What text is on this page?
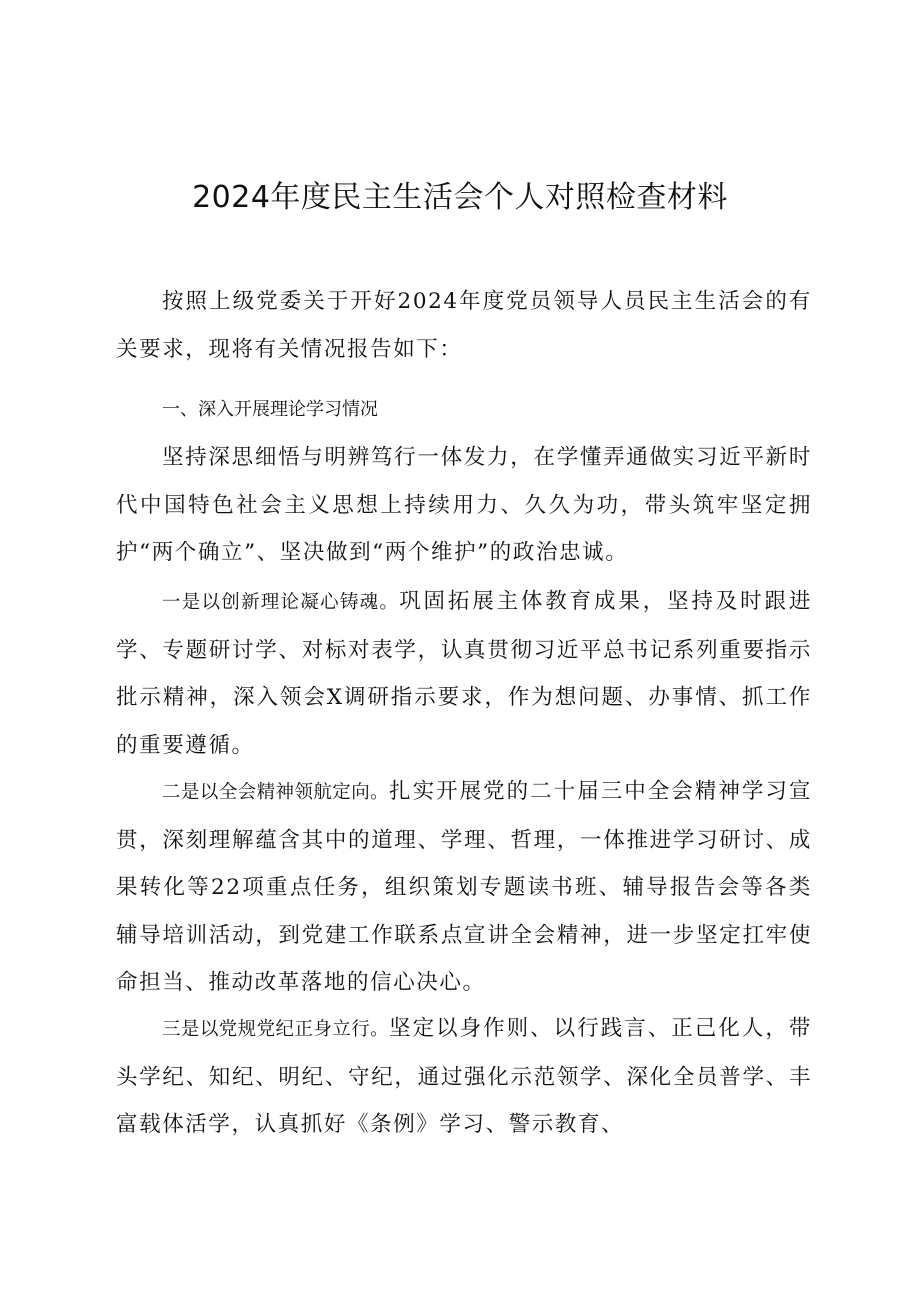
2024年度民主生活会个人对照检查材料

按照上级党委关于开好2024年度党员领导人员民主生活会的有关要求，现将有关情况报告如下：

一、深入开展理论学习情况

坚持深思细悟与明辨笃行一体发力，在学懂弄通做实习近平新时代中国特色社会主义思想上持续用力、久久为功，带头筑牢坚定拥护“两个确立”、坚决做到“两个维护”的政治忠诚。

一是以创新理论凝心铸魂。巩固拓展主体教育成果，坚持及时跟进学、专题研讨学、对标对表学，认真贯彻习近平总书记系列重要指示批示精神，深入领会X调研指示要求，作为想问题、办事情、抓工作的重要遵循。

二是以全会精神领航定向。扎实开展党的二十届三中全会精神学习宣贯，深刻理解蕴含其中的道理、学理、哲理，一体推进学习研讨、成果转化等22项重点任务，组织策划专题读书班、辅导报告会等各类辅导培训活动，到党建工作联系点宣讲全会精神，进一步坚定扛牢使命担当、推动改革落地的信心决心。

三是以党规党纪正身立行。坚定以身作则、以行践言、正己化人，带头学纪、知纪、明纪、守纪，通过强化示范领学、深化全员普学、丰富载体活学，认真抓好《条例》学习、警示教育、
